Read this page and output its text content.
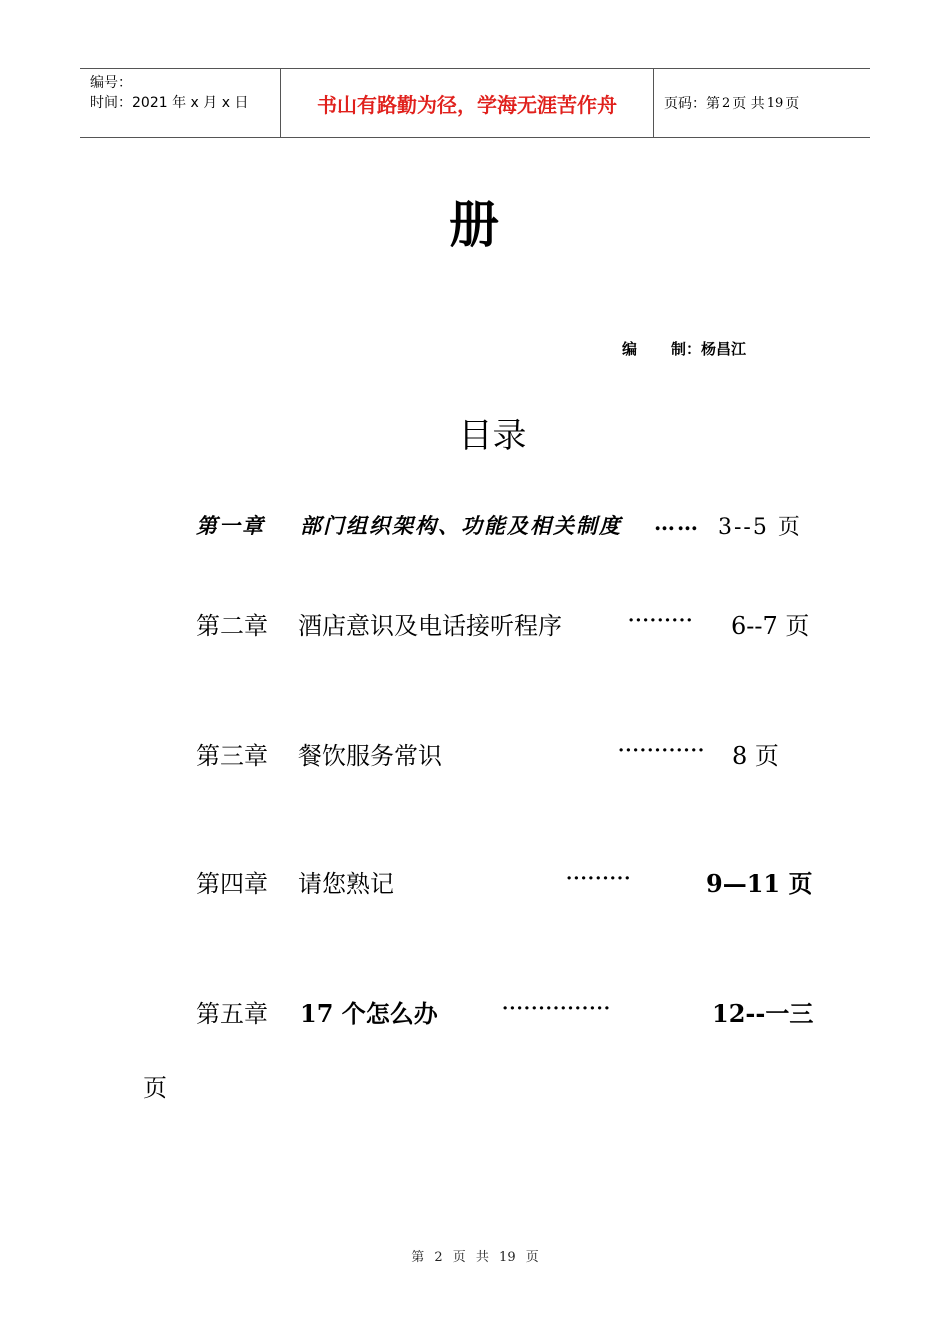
编号：
时间：2021 年 x 月 x 日	书山有路勤为径，学海无涯苦作舟	页码：第 2 页 共 19 页
册
编 制：杨昌江
目录
第一章 部门组织架构、功能及相关制度 …… 3--5 页
第二章 酒店意识及电话接听程序	········· 6--7 页
第三章 餐饮服务常识	············ 8 页
第四章 请您熟记	·········	9—11 页
第五章 17 个怎么办	···············	12--一三
页
第 2 页 共 19 页
